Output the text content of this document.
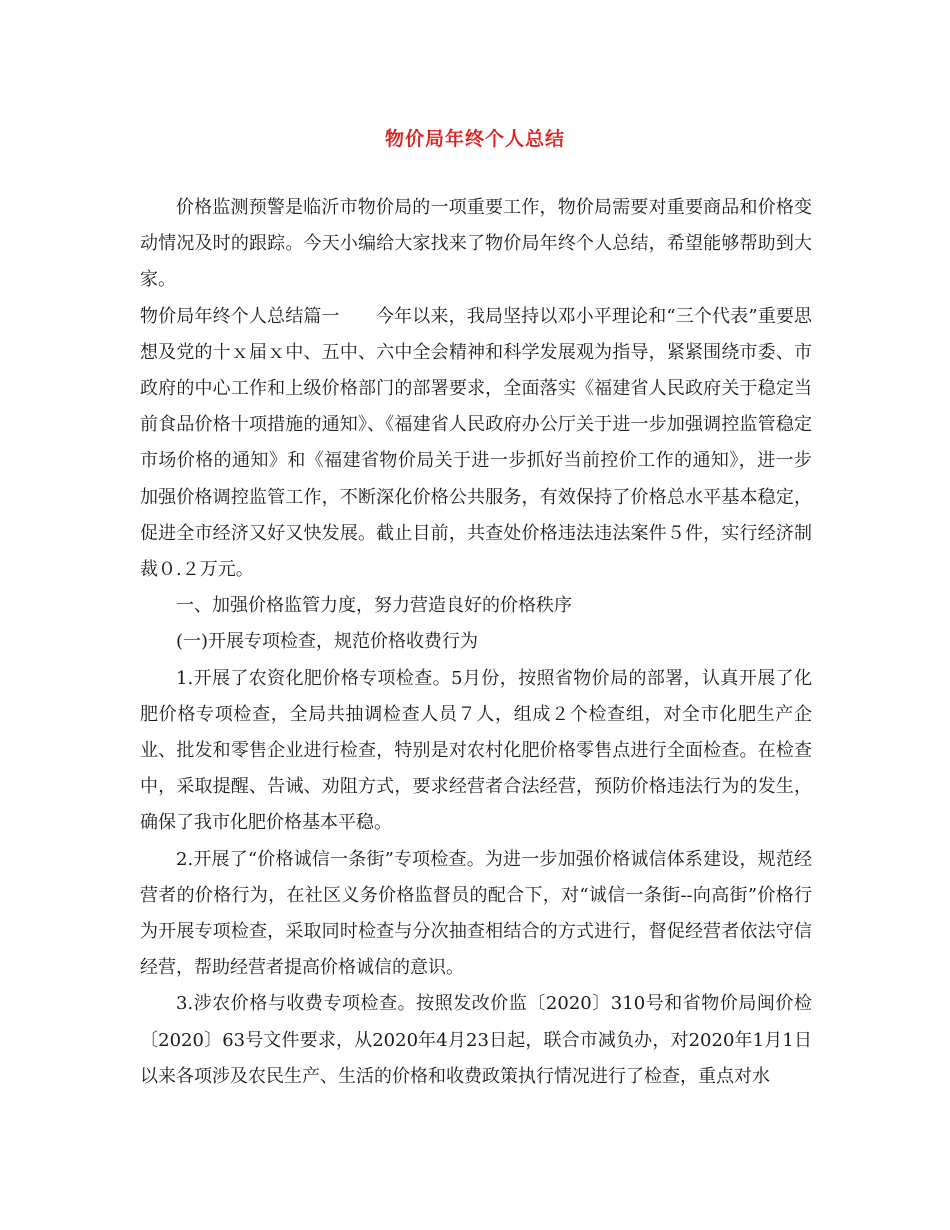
物价局年终个人总结

价格监测预警是临沂市物价局的一项重要工作，物价局需要对重要商品和价格变动情况及时的跟踪。今天小编给大家找来了物价局年终个人总结，希望能够帮助到大家。

物价局年终个人总结篇一　　今年以来，我局坚持以邓小平理论和“三个代表”重要思想及党的十ｘ届ｘ中、五中、六中全会精神和科学发展观为指导，紧紧围绕市委、市政府的中心工作和上级价格部门的部署要求，全面落实《福建省人民政府关于稳定当前食品价格十项措施的通知》、《福建省人民政府办公厅关于进一步加强调控监管稳定市场价格的通知》和《福建省物价局关于进一步抓好当前控价工作的通知》，进一步加强价格调控监管工作，不断深化价格公共服务，有效保持了价格总水平基本稳定，促进全市经济又好又快发展。截止目前，共查处价格违法违法案件５件，实行经济制裁０.２万元。

一、加强价格监管力度，努力营造良好的价格秩序

(一)开展专项检查，规范价格收费行为

1.开展了农资化肥价格专项检查。5月份，按照省物价局的部署，认真开展了化肥价格专项检查，全局共抽调检查人员７人，组成２个检查组，对全市化肥生产企业、批发和零售企业进行检查，特别是对农村化肥价格零售点进行全面检查。在检查中，采取提醒、告诫、劝阻方式，要求经营者合法经营，预防价格违法行为的发生，确保了我市化肥价格基本平稳。

2.开展了“价格诚信一条街”专项检查。为进一步加强价格诚信体系建设，规范经营者的价格行为，在社区义务价格监督员的配合下，对“诚信一条街--向高街”价格行为开展专项检查，采取同时检查与分次抽查相结合的方式进行，督促经营者依法守信经营，帮助经营者提高价格诚信的意识。

3.涉农价格与收费专项检查。按照发改价监〔2020〕310号和省物价局闽价检〔2020〕63号文件要求，从2020年4月23日起，联合市减负办，对2020年1月1日以来各项涉及农民生产、生活的价格和收费政策执行情况进行了检查，重点对水
